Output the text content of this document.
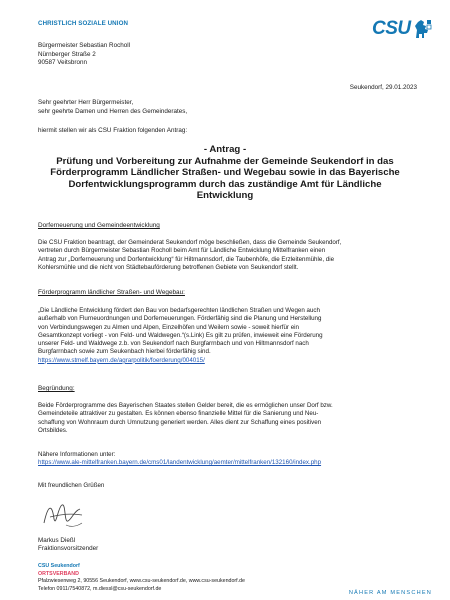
CHRISTLICH SOZIALE UNION	CSU
Bürgermeister Sebastian Rocholl
Nürnberger Straße 2
90587 Veitsbronn
Seukendorf, 29.01.2023
Sehr geehrter Herr Bürgermeister,
sehr geehrte Damen und Herren des Gemeinderates,
hiermit stellen wir als CSU Fraktion folgenden Antrag:
- Antrag -
Prüfung und Vorbereitung zur Aufnahme der Gemeinde Seukendorf in das
Förderprogramm Ländlicher Straßen- und Wegebau sowie in das Bayerische
Dorfentwicklungsprogramm durch das zuständige Amt für Ländliche
Entwicklung
Dorferneuerung und Gemeindeentwicklung
Die CSU Fraktion beantragt, der Gemeinderat Seukendorf möge beschließen, dass die Gemeinde Seukendorf,
vertreten durch Bürgermeister Sebastian Rocholl beim Amt für Ländliche Entwicklung Mittelfranken einen
Antrag zur „Dorferneuerung und Dorfentwicklung“ für Hiltmannsdorf, die Taubenhöfe, die Erzleitenmühle, die
Kohlersmühle und die nicht von Städtebauförderung betroffenen Gebiete von Seukendorf stellt.
Förderprogramm ländlicher Straßen- und Wegebau:
„Die Ländliche Entwicklung fördert den Bau von bedarfsgerechten ländlichen Straßen und Wegen auch
außerhalb von Flurneuordnungen und Dorferneuerungen. Förderfähig sind die Planung und Herstellung
von Verbindungswegen zu Almen und Alpen, Einzelhöfen und Weilern sowie - soweit hierfür ein
Gesamtkonzept vorliegt - von Feld- und Waldwegen.“(s.Link) Es gilt zu prüfen, inwieweit eine Förderung
unserer Feld- und Waldwege z.b. von Seukendorf nach Burgfarrnbach und von Hiltmannsdorf nach
Burgfarrnbach sowie zum Seukenbach hierbei förderfähig sind.
https://www.stmelf.bayern.de/agrarpolitik/foerderung/004015/
Begründung:
Beide Förderprogramme des Bayerischen Staates stellen Gelder bereit, die es ermöglichen unser Dorf bzw.
Gemeindeteile attraktiver zu gestalten. Es können ebenso finanzielle Mittel für die Sanierung und Neu-
schaffung von Wohnraum durch Umnutzung generiert werden. Alles dient zur Schaffung eines positiven
Ortsbildes.
Nähere Informationen unter:
https://www.ale-mittelfranken.bayern.de/cms01/landentwicklung/aemter/mittelfranken/132160/index.php
Mit freundlichen Grüßen
Markus Dießl
Fraktionsvorsitzender
CSU Seukendorf
ORTSVERBAND
Pfalzwiesenweg 2, 90556 Seukendorf, www.csu-seukendorf.de, www.csu-seukendorf.de
Telefon 0911/7540872, m.diessl@csu-seukendorf.de
NÄHER AM MENSCHEN
